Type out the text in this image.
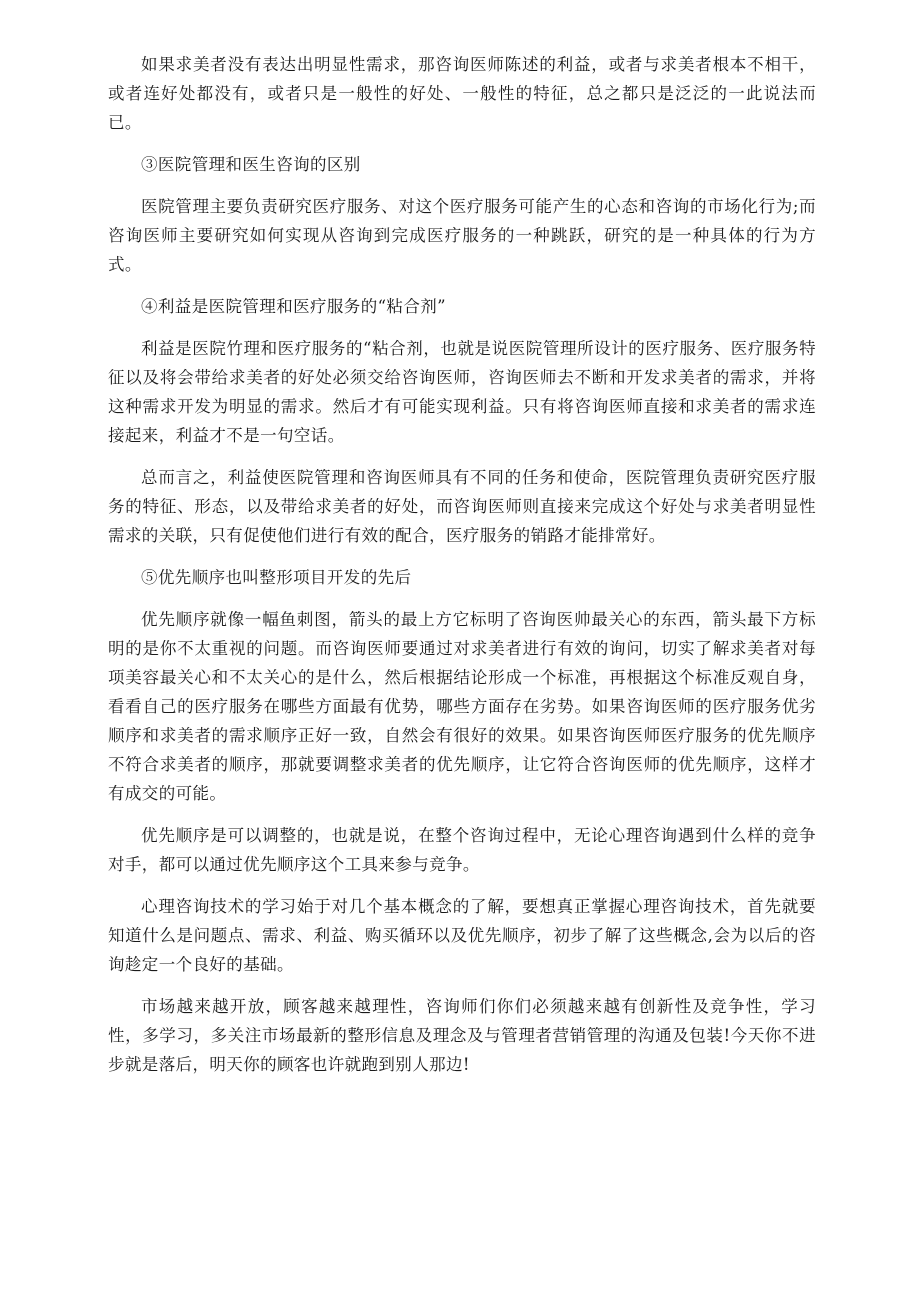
如果求美者没有表达出明显性需求，那咨询医师陈述的利益，或者与求美者根本不相干，或者连好处都没有，或者只是一般性的好处、一般性的特征，总之都只是泛泛的一此说法而已。

③医院管理和医生咨询的区别

医院管理主要负责研究医疗服务、对这个医疗服务可能产生的心态和咨询的市场化行为;而咨询医师主要研究如何实现从咨询到完成医疗服务的一种跳跃，研究的是一种具体的行为方式。

④利益是医院管理和医疗服务的“粘合剂”

利益是医院竹理和医疗服务的“粘合剂，也就是说医院管理所设计的医疗服务、医疗服务特征以及将会带给求美者的好处必须交给咨询医师，咨询医师去不断和开发求美者的需求，并将这种需求开发为明显的需求。然后才有可能实现利益。只有将咨询医师直接和求美者的需求连接起来，利益才不是一句空话。

总而言之，利益使医院管理和咨询医师具有不同的任务和使命，医院管理负责研究医疗服务的特征、形态，以及带给求美者的好处，而咨询医师则直接来完成这个好处与求美者明显性需求的关联，只有促使他们进行有效的配合，医疗服务的销路才能排常好。

⑤优先顺序也叫整形项目开发的先后

优先顺序就像一幅鱼刺图，箭头的最上方它标明了咨询医帅最关心的东西，箭头最下方标明的是你不太重视的问题。而咨询医师要通过对求美者进行有效的询问，切实了解求美者对每项美容最关心和不太关心的是什么，然后根据结论形成一个标准，再根据这个标准反观自身，看看自己的医疗服务在哪些方面最有优势，哪些方面存在劣势。如果咨询医师的医疗服务优劣顺序和求美者的需求顺序正好一致，自然会有很好的效果。如果咨询医师医疗服务的优先顺序不符合求美者的顺序，那就要调整求美者的优先顺序，让它符合咨询医师的优先顺序，这样才有成交的可能。

优先顺序是可以调整的，也就是说，在整个咨询过程中，无论心理咨询遇到什么样的竞争对手，都可以通过优先顺序这个工具来参与竞争。

心理咨询技术的学习始于对几个基本概念的了解，要想真正掌握心理咨询技术，首先就要知道什么是问题点、需求、利益、购买循环以及优先顺序，初步了解了这些概念,会为以后的咨询趁定一个良好的基础。

市场越来越开放，顾客越来越理性，咨询师们你们必须越来越有创新性及竞争性，学习性，多学习，多关注市场最新的整形信息及理念及与管理者营销管理的沟通及包装!今天你不进步就是落后，明天你的顾客也许就跑到别人那边!
